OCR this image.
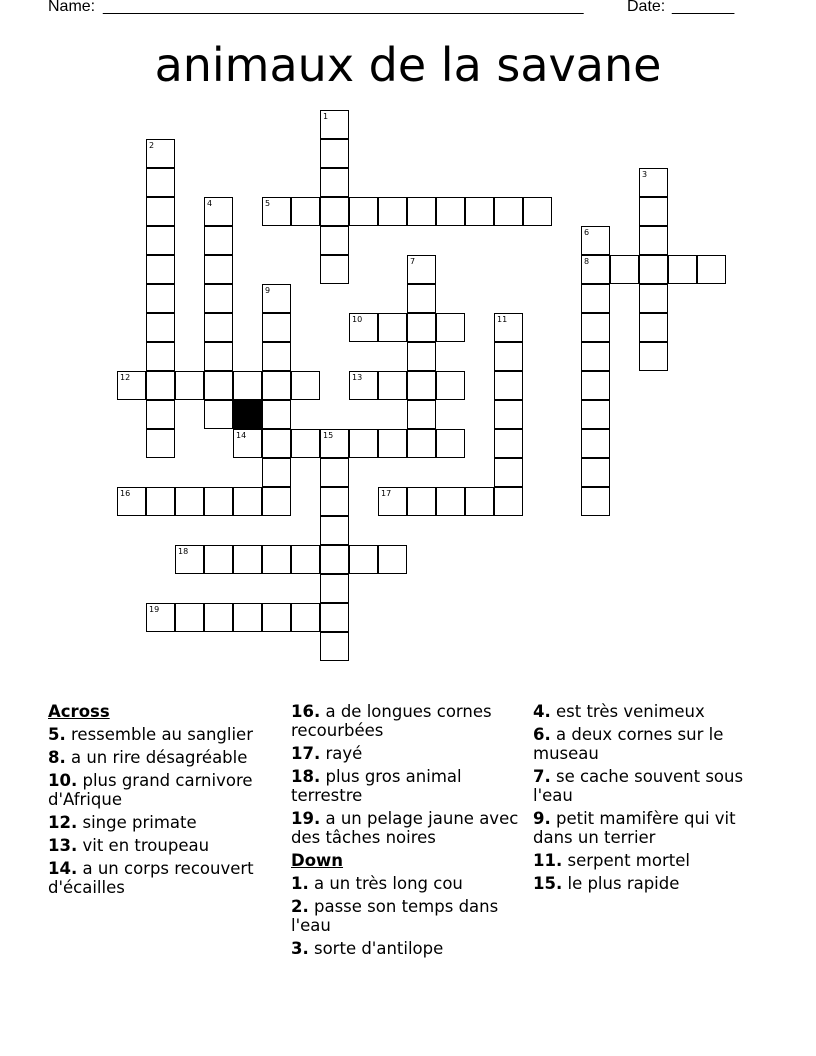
Name: ______________________________________________________	Date: _______
animaux de la savane
5
8
10
12	13
14	15
16	17
18
19
1
2
3
4
6
7
9
11
Across
5. ressemble au sanglier
8. a un rire désagréable
10. plus grand carnivore d'Afrique
12. singe primate
13. vit en troupeau
14. a un corps recouvert d'écailles
16. a de longues cornes recourbées
17. rayé
18. plus gros animal terrestre
19. a un pelage jaune avec des tâches noires
Down
1. a un très long cou
2. passe son temps dans l'eau
3. sorte d'antilope
4. est très venimeux
6. a deux cornes sur le museau
7. se cache souvent sous l'eau
9. petit mamifère qui vit dans un terrier
11. serpent mortel
15. le plus rapide
